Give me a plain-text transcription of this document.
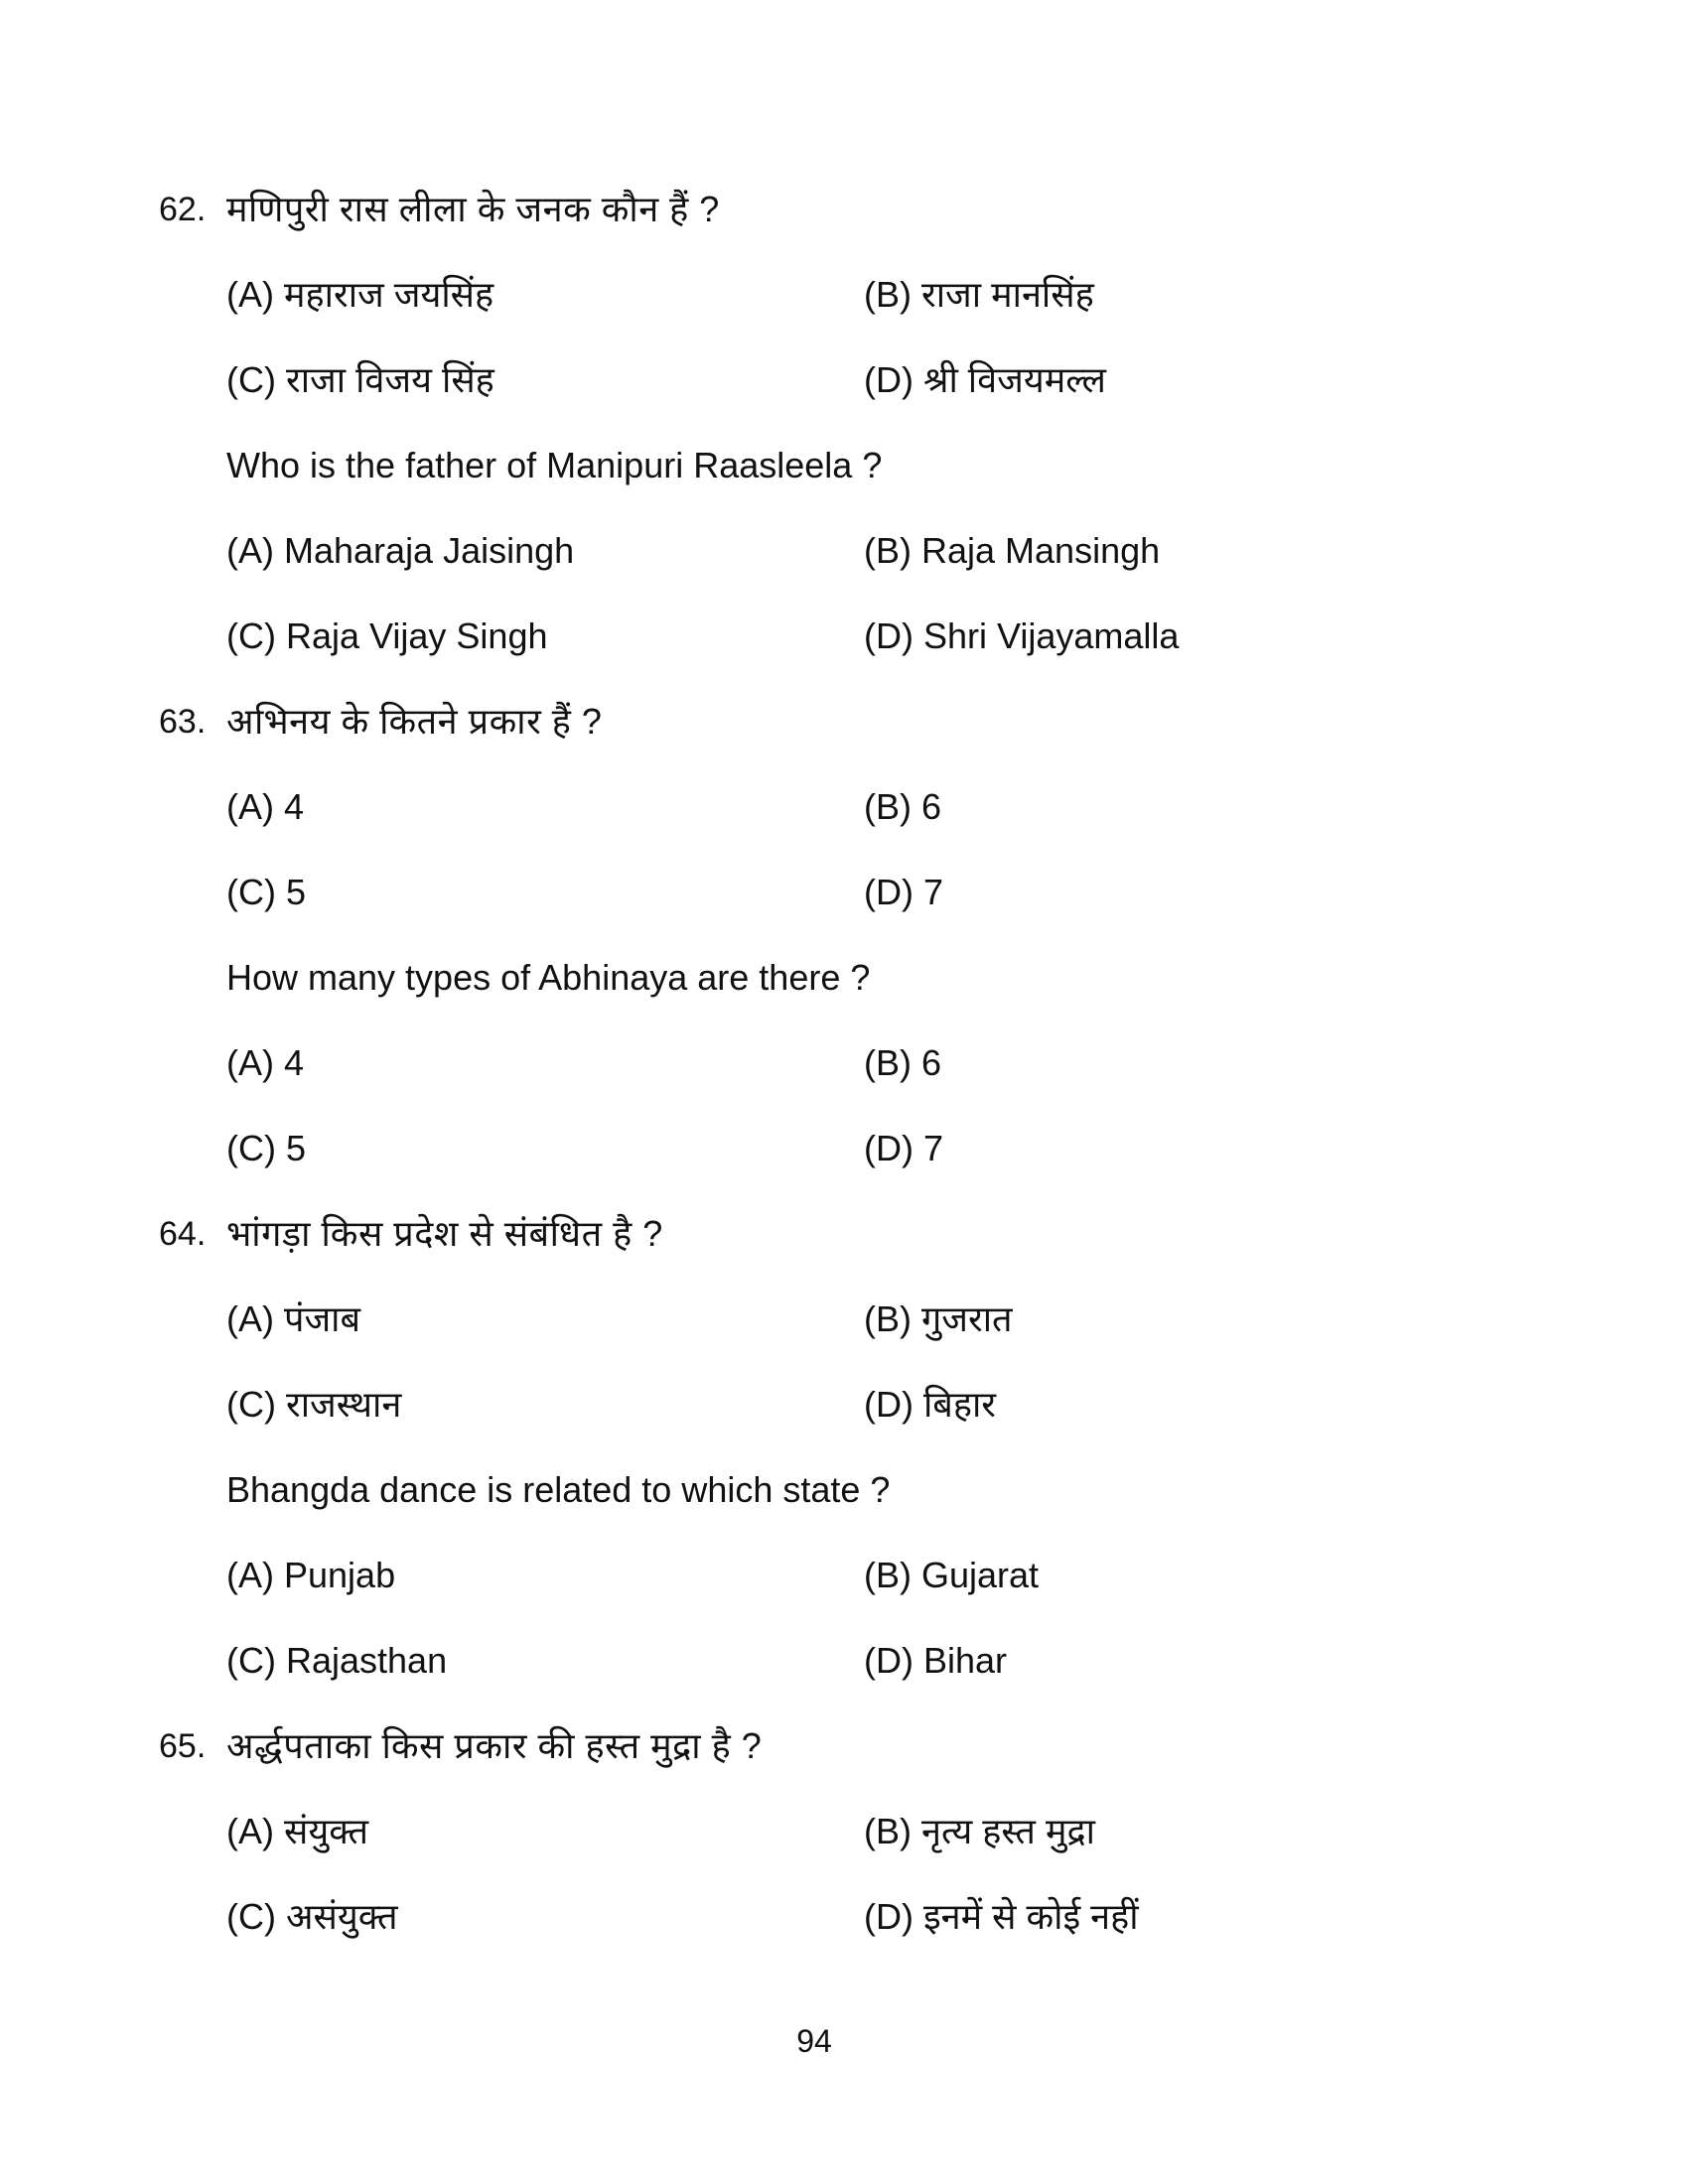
62. मणिपुरी रास लीला के जनक कौन हैं ?
(A) महाराज जयसिंह	(B) राजा मानसिंह
(C) राजा विजय सिंह	(D) श्री विजयमल्ल
Who is the father of Manipuri Raasleela ?
(A) Maharaja Jaisingh	(B) Raja Mansingh
(C) Raja Vijay Singh	(D) Shri Vijayamalla
63. अभिनय के कितने प्रकार हैं ?
(A) 4	(B) 6
(C) 5	(D) 7
How many types of Abhinaya are there ?
(A) 4	(B) 6
(C) 5	(D) 7
64. भांगड़ा किस प्रदेश से संबंधित है ?
(A) पंजाब	(B) गुजरात
(C) राजस्थान	(D) बिहार
Bhangda dance is related to which state ?
(A) Punjab	(B) Gujarat
(C) Rajasthan	(D) Bihar
65. अर्द्धपताका किस प्रकार की हस्त मुद्रा है ?
(A) संयुक्त	(B) नृत्य हस्त मुद्रा
(C) असंयुक्त	(D) इनमें से कोई नहीं
94
